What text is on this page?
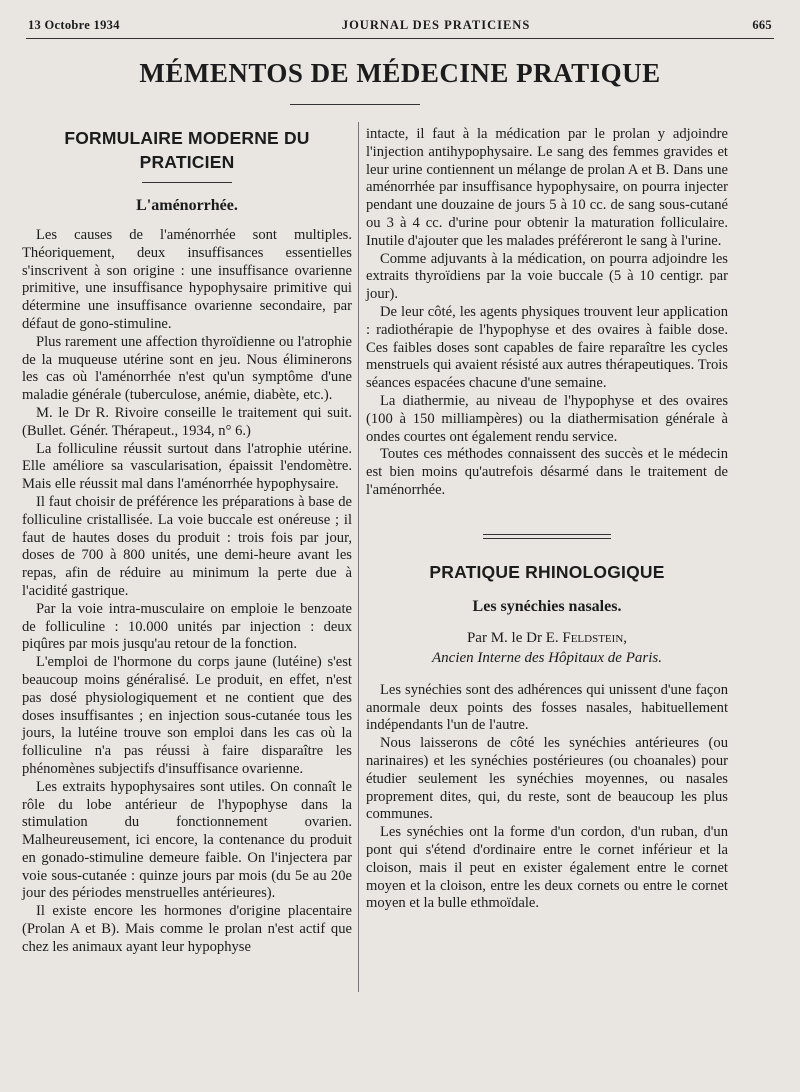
13 Octobre 1934	JOURNAL DES PRATICIENS	665
MÉMENTOS DE MÉDECINE PRATIQUE
FORMULAIRE MODERNE DU PRATICIEN
L'aménorrhée.

Les causes de l'aménorrhée sont multiples. Théoriquement, deux insuffisances essentielles s'inscrivent à son origine : une insuffisance ovarienne primitive, une insuffisance hypophysaire primitive qui détermine une insuffisance ovarienne secondaire, par défaut de gono-stimuline.

Plus rarement une affection thyroïdienne ou l'atrophie de la muqueuse utérine sont en jeu. Nous éliminerons les cas où l'aménorrhée n'est qu'un symptôme d'une maladie générale (tuberculose, anémie, diabète, etc.).

M. le Dr R. Rivoire conseille le traitement qui suit. (Bullet. Génér. Thérapeut., 1934, n° 6.)

La folliculine réussit surtout dans l'atrophie utérine. Elle améliore sa vascularisation, épaissit l'endomètre. Mais elle réussit mal dans l'aménorrhée hypophysaire.

Il faut choisir de préférence les préparations à base de folliculine cristallisée. La voie buccale est onéreuse ; il faut de hautes doses du produit : trois fois par jour, doses de 700 à 800 unités, une demi-heure avant les repas, afin de réduire au minimum la perte due à l'acidité gastrique.

Par la voie intra-musculaire on emploie le benzoate de folliculine : 10.000 unités par injection : deux piqûres par mois jusqu'au retour de la fonction.

L'emploi de l'hormone du corps jaune (lutéine) s'est beaucoup moins généralisé. Le produit, en effet, n'est pas dosé physiologiquement et ne contient que des doses insuffisantes ; en injection sous-cutanée tous les jours, la lutéine trouve son emploi dans les cas où la folliculine n'a pas réussi à faire disparaître les phénomènes subjectifs d'insuffisance ovarienne.

Les extraits hypophysaires sont utiles. On connaît le rôle du lobe antérieur de l'hypophyse dans la stimulation du fonctionnement ovarien. Malheureusement, ici encore, la contenance du produit en gonado-stimuline demeure faible. On l'injectera par voie sous-cutanée : quinze jours par mois (du 5e au 20e jour des périodes menstruelles antérieures).

Il existe encore les hormones d'origine placentaire (Prolan A et B). Mais comme le prolan n'est actif que chez les animaux ayant leur hypophyse

intacte, il faut à la médication par le prolan y adjoindre l'injection antihypophysaire. Le sang des femmes gravides et leur urine contiennent un mélange de prolan A et B. Dans une aménorrhée par insuffisance hypophysaire, on pourra injecter pendant une douzaine de jours 5 à 10 cc. de sang sous-cutané ou 3 à 4 cc. d'urine pour obtenir la maturation folliculaire. Inutile d'ajouter que les malades préféreront le sang à l'urine.

Comme adjuvants à la médication, on pourra adjoindre les extraits thyroïdiens par la voie buccale (5 à 10 centigr. par jour).

De leur côté, les agents physiques trouvent leur application : radiothérapie de l'hypophyse et des ovaires à faible dose. Ces faibles doses sont capables de faire reparaître les cycles menstruels qui avaient résisté aux autres thérapeutiques. Trois séances espacées chacune d'une semaine.

La diathermie, au niveau de l'hypophyse et des ovaires (100 à 150 milliampères) ou la diathermisation générale à ondes courtes ont également rendu service.

Toutes ces méthodes connaissent des succès et le médecin est bien moins qu'autrefois désarmé dans le traitement de l'aménorrhée.

PRATIQUE RHINOLOGIQUE
Les synéchies nasales.
Par M. le Dr E. Feldstein,
Ancien Interne des Hôpitaux de Paris.

Les synéchies sont des adhérences qui unissent d'une façon anormale deux points des fosses nasales, habituellement indépendants l'un de l'autre.

Nous laisserons de côté les synéchies antérieures (ou narinaires) et les synéchies postérieures (ou choanales) pour étudier seulement les synéchies moyennes, ou nasales proprement dites, qui, du reste, sont de beaucoup les plus communes.

Les synéchies ont la forme d'un cordon, d'un ruban, d'un pont qui s'étend d'ordinaire entre le cornet inférieur et la cloison, mais il peut en exister également entre le cornet moyen et la cloison, entre les deux cornets ou entre le cornet moyen et la bulle ethmoïdale.
